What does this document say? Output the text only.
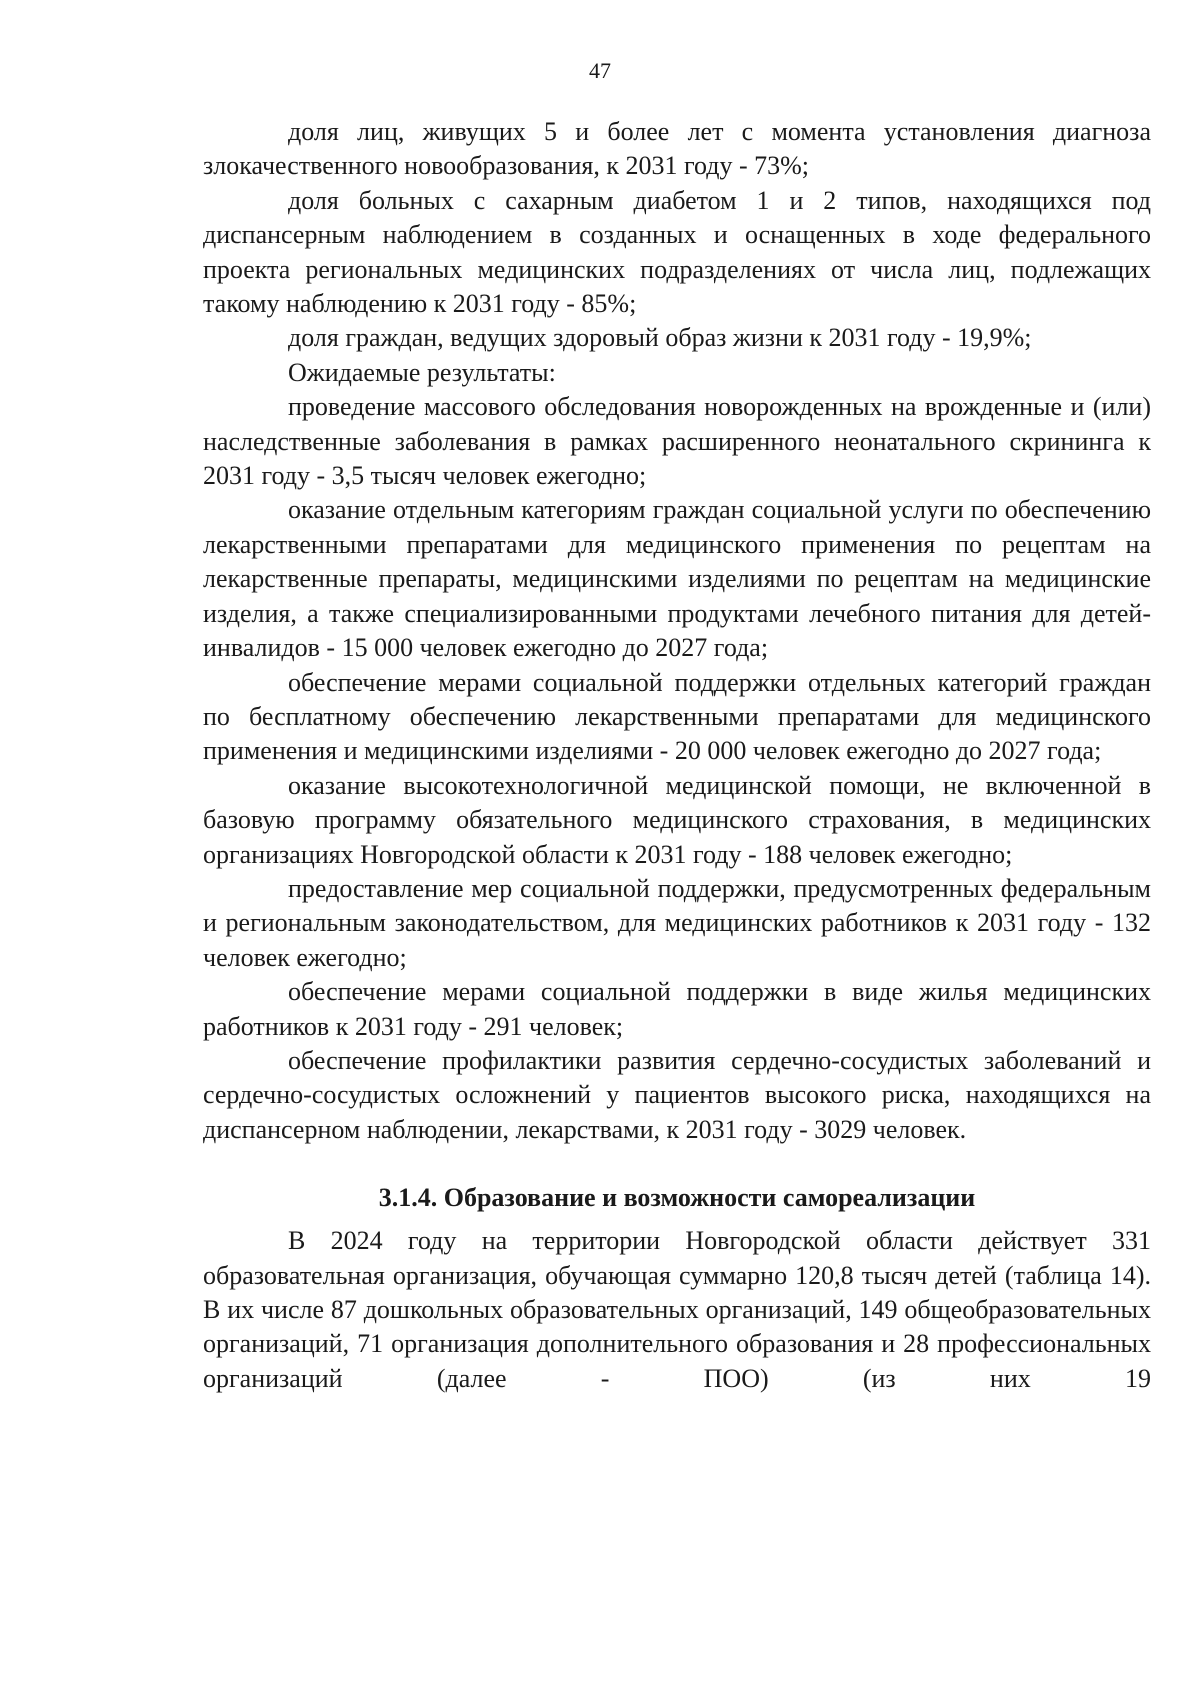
47

доля лиц, живущих 5 и более лет с момента установления диагноза злокачественного новообразования, к 2031 году - 73%;

доля больных с сахарным диабетом 1 и 2 типов, находящихся под диспансерным наблюдением в созданных и оснащенных в ходе федерального проекта региональных медицинских подразделениях от числа лиц, подлежащих такому наблюдению к 2031 году - 85%;

доля граждан, ведущих здоровый образ жизни к 2031 году - 19,9%;

Ожидаемые результаты:

проведение массового обследования новорожденных на врожденные и (или) наследственные заболевания в рамках расширенного неонатального скрининга к 2031 году - 3,5 тысяч человек ежегодно;

оказание отдельным категориям граждан социальной услуги по обеспечению лекарственными препаратами для медицинского применения по рецептам на лекарственные препараты, медицинскими изделиями по рецептам на медицинские изделия, а также специализированными продуктами лечебного питания для детей-инвалидов - 15 000 человек ежегодно до 2027 года;

обеспечение мерами социальной поддержки отдельных категорий граждан по бесплатному обеспечению лекарственными препаратами для медицинского применения и медицинскими изделиями - 20 000 человек ежегодно до 2027 года;

оказание высокотехнологичной медицинской помощи, не включенной в базовую программу обязательного медицинского страхования, в медицинских организациях Новгородской области к 2031 году - 188 человек ежегодно;

предоставление мер социальной поддержки, предусмотренных федеральным и региональным законодательством, для медицинских работников к 2031 году - 132 человек ежегодно;

обеспечение мерами социальной поддержки в виде жилья медицинских работников к 2031 году - 291 человек;

обеспечение профилактики развития сердечно-сосудистых заболеваний и сердечно-сосудистых осложнений у пациентов высокого риска, находящихся на диспансерном наблюдении, лекарствами, к 2031 году - 3029 человек.

3.1.4. Образование и возможности самореализации

В 2024 году на территории Новгородской области действует 331 образовательная организация, обучающая суммарно 120,8 тысяч детей (таблица 14). В их числе 87 дошкольных образовательных организаций, 149 общеобразовательных организаций, 71 организация дополнительного образования и 28 профессиональных организаций (далее - ПОО) (из них 19
